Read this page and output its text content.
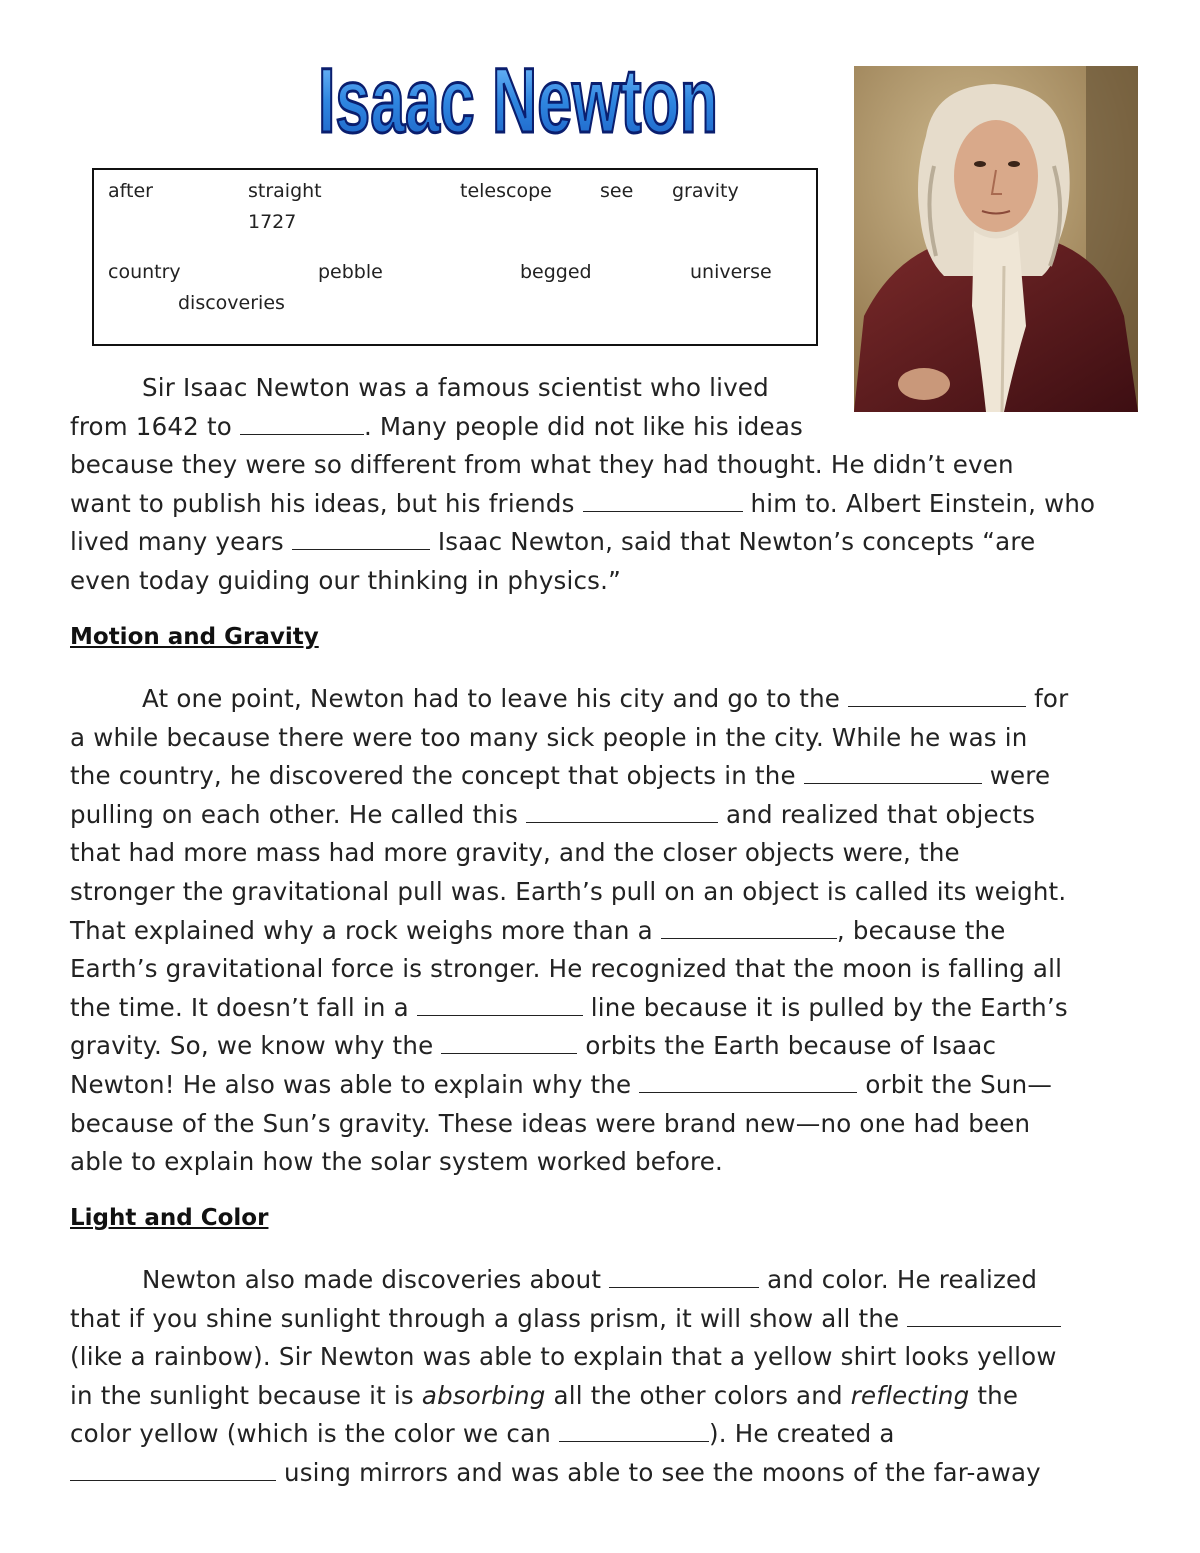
Isaac Newton
after	straight	telescope	see gravity
1727
country	pebble	begged	universe
discoveries
Sir Isaac Newton was a famous scientist who lived
from 1642 to	. Many people did not like his ideas
because they were so different from what they had thought. He didn’t even
want to publish his ideas, but his friends	him to. Albert Einstein, who
lived many years	Isaac Newton, said that Newton’s concepts “are
even today guiding our thinking in physics.”
Motion and Gravity
At one point, Newton had to leave his city and go to the	for
a while because there were too many sick people in the city. While he was in
the country, he discovered the concept that objects in the	were
pulling on each other. He called this	and realized that objects
that had more mass had more gravity, and the closer objects were, the
stronger the gravitational pull was. Earth’s pull on an object is called its weight.
That explained why a rock weighs more than a	, because the
Earth’s gravitational force is stronger. He recognized that the moon is falling all
the time. It doesn’t fall in a	line because it is pulled by the Earth’s
gravity. So, we know why the	orbits the Earth because of Isaac
Newton! He also was able to explain why the	orbit the Sun—
because of the Sun’s gravity. These ideas were brand new—no one had been
able to explain how the solar system worked before.
Light and Color
Newton also made discoveries about	and color. He realized
that if you shine sunlight through a glass prism, it will show all the
(like a rainbow). Sir Newton was able to explain that a yellow shirt looks yellow
in the sunlight because it is absorbing all the other colors and reflecting the
color yellow (which is the color we can	). He created a
using mirrors and was able to see the moons of the far-away
